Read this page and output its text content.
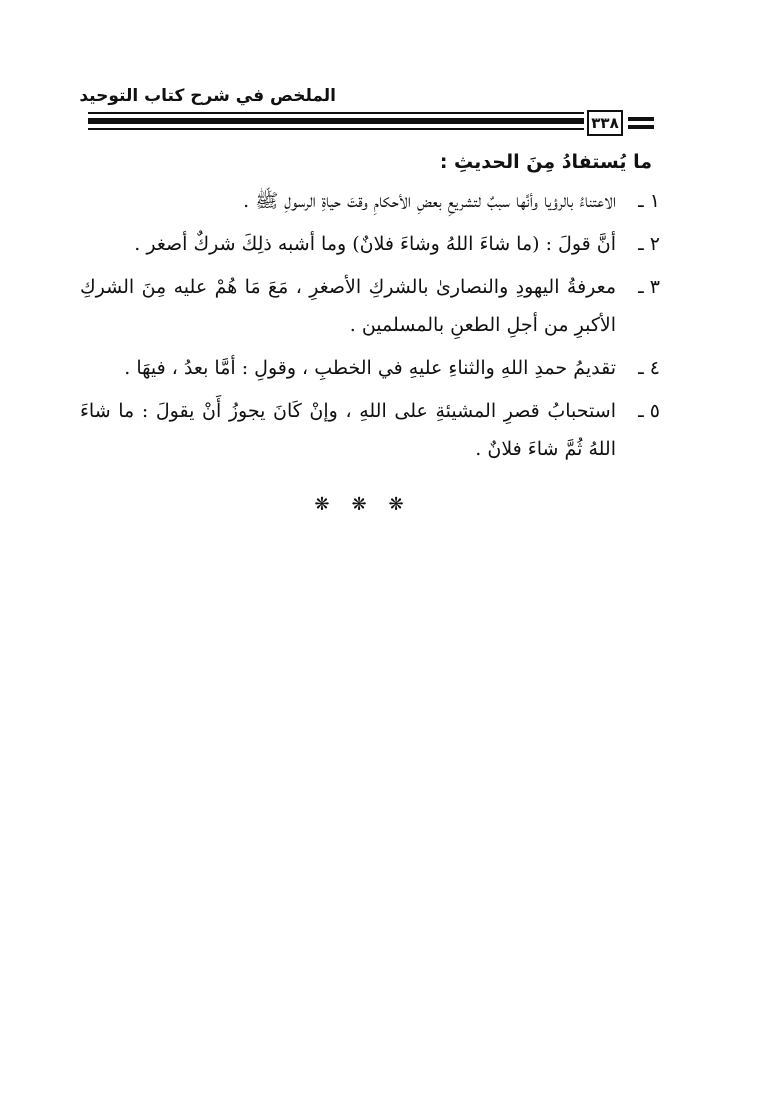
الملخص في شرح كتاب التوحيد
٣٣٨
ما يُستفادُ مِنَ الحديثِ :
١ ـ
الاعتناءُ بالرؤيا وأنَّها سببٌ لتشريعِ بعضِ الأحكامِ وقتَ حياةِ الرسولِ ﷺ .
٢ ـ
أنَّ قولَ : (ما شاءَ اللهُ وشاءَ فلانٌ) وما أشبه ذلِكَ شركٌ أصغر .
٣ ـ
معرفةُ اليهودِ والنصارىٰ بالشركِ الأصغرِ ، مَعَ مَا هُمْ عليه مِنَ الشركِ الأكبرِ من أجلِ الطعنِ بالمسلمين .
٤ ـ
تقديمُ حمدِ اللهِ والثناءِ عليهِ في الخطبِ ، وقولِ : أمَّا بعدُ ، فيهَا .
٥ ـ
استحبابُ قصرِ المشيئةِ على اللهِ ، وإنْ كَانَ يجوزُ أَنْ يقولَ : ما شاءَ اللهُ ثُمَّ شاءَ فلانٌ .
❋❋❋
